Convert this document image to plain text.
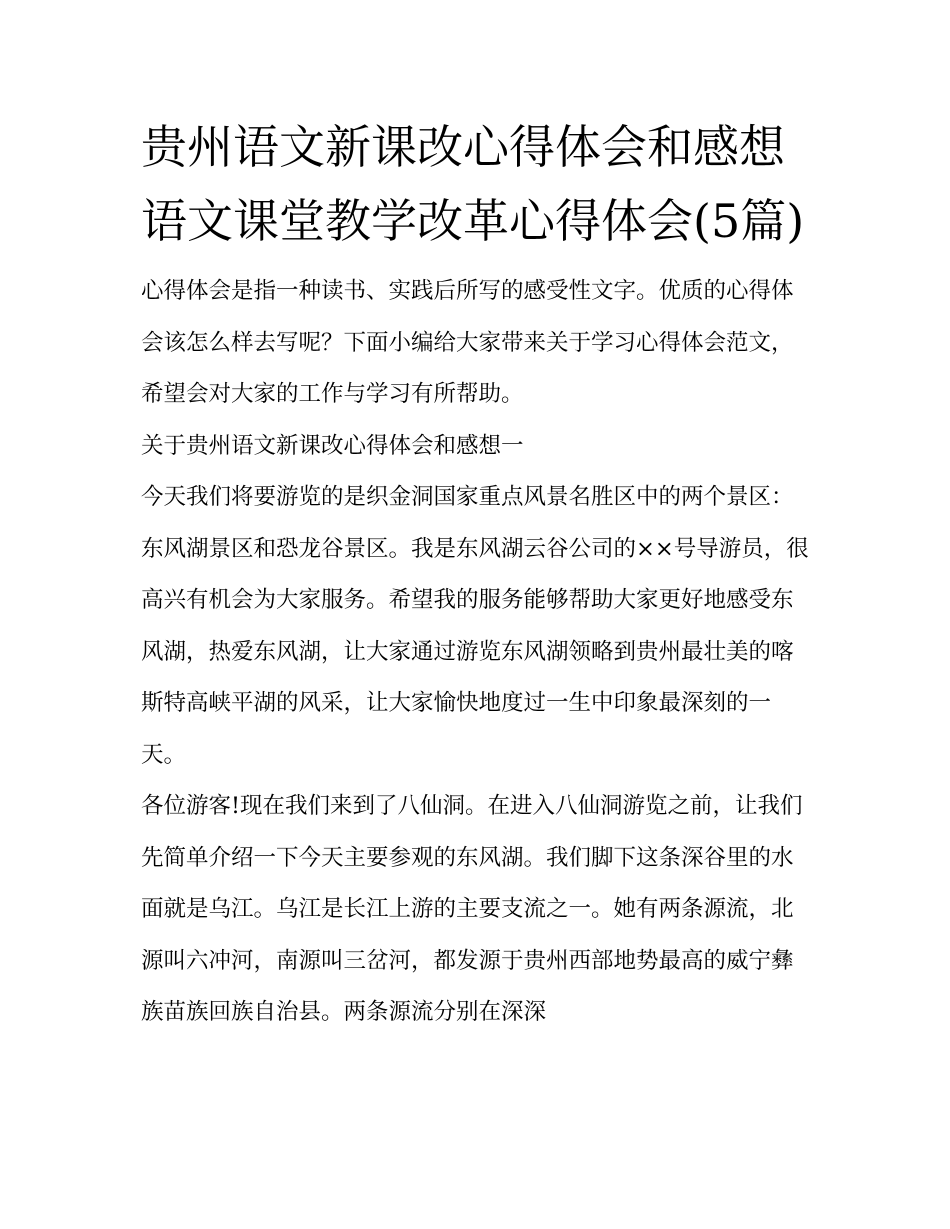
贵州语文新课改心得体会和感想 语文课堂教学改革心得体会(5篇)

心得体会是指一种读书、实践后所写的感受性文字。优质的心得体会该怎么样去写呢？下面小编给大家带来关于学习心得体会范文，希望会对大家的工作与学习有所帮助。

关于贵州语文新课改心得体会和感想一

今天我们将要游览的是织金洞国家重点风景名胜区中的两个景区：东风湖景区和恐龙谷景区。我是东风湖云谷公司的××号导游员，很高兴有机会为大家服务。希望我的服务能够帮助大家更好地感受东风湖，热爱东风湖，让大家通过游览东风湖领略到贵州最壮美的喀斯特高峡平湖的风采，让大家愉快地度过一生中印象最深刻的一天。

各位游客!现在我们来到了八仙洞。在进入八仙洞游览之前，让我们先简单介绍一下今天主要参观的东风湖。我们脚下这条深谷里的水面就是乌江。乌江是长江上游的主要支流之一。她有两条源流，北源叫六冲河，南源叫三岔河，都发源于贵州西部地势最高的威宁彝族苗族回族自治县。两条源流分别在深深
